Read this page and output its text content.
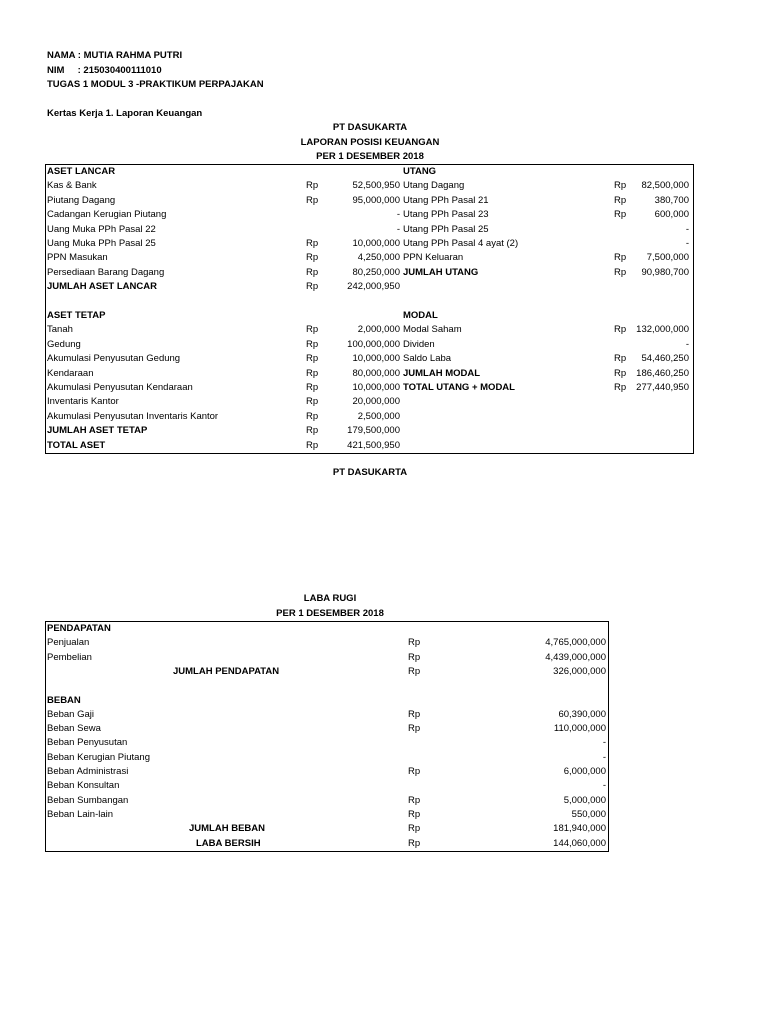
NAMA : MUTIA RAHMA PUTRI
NIM     : 215030400111010
TUGAS 1 MODUL 3 -PRAKTIKUM PERPAJAKAN
Kertas Kerja 1. Laporan Keuangan
PT DASUKARTA
LAPORAN POSISI KEUANGAN
PER 1 DESEMBER 2018
ASET LANCAR	UTANG
Kas & Bank	Rp	52,500,950 Utang Dagang	Rp	82,500,000
Piutang Dagang	Rp	95,000,000 Utang PPh Pasal 21	Rp	380,700
Cadangan Kerugian Piutang	- Utang PPh Pasal 23	Rp	600,000
Uang Muka PPh Pasal 22	- Utang PPh Pasal 25	-
Uang Muka PPh Pasal 25	Rp	10,000,000 Utang PPh Pasal 4 ayat (2)	-
PPN Masukan	Rp	4,250,000 PPN Keluaran	Rp	7,500,000
Persediaan Barang Dagang	Rp	80,250,000 JUMLAH UTANG	Rp	90,980,700
JUMLAH ASET LANCAR	Rp	242,000,950
ASET TETAP	MODAL
Tanah	Rp	2,000,000 Modal Saham	Rp	132,000,000
Gedung	Rp	100,000,000 Dividen	-
Akumulasi Penyusutan Gedung	Rp	10,000,000 Saldo Laba	Rp	54,460,250
Kendaraan	Rp	80,000,000 JUMLAH MODAL	Rp	186,460,250
Akumulasi Penyusutan Kendaraan	Rp	10,000,000 TOTAL UTANG + MODAL	Rp	277,440,950
Inventaris Kantor	Rp	20,000,000
Akumulasi Penyusutan Inventaris Kantor	Rp	2,500,000
JUMLAH ASET TETAP	Rp	179,500,000
TOTAL ASET	Rp	421,500,950
PT DASUKARTA
LABA RUGI
PER 1 DESEMBER 2018
PENDAPATAN
Penjualan	Rp	4,765,000,000
Pembelian	Rp	4,439,000,000
JUMLAH PENDAPATAN	Rp	326,000,000
BEBAN
Beban Gaji	Rp	60,390,000
Beban Sewa	Rp	110,000,000
Beban Penyusutan	-
Beban Kerugian Piutang	-
Beban Administrasi	Rp	6,000,000
Beban Konsultan	-
Beban Sumbangan	Rp	5,000,000
Beban Lain-lain	Rp	550,000
JUMLAH BEBAN	Rp	181,940,000
LABA BERSIH	Rp	144,060,000
